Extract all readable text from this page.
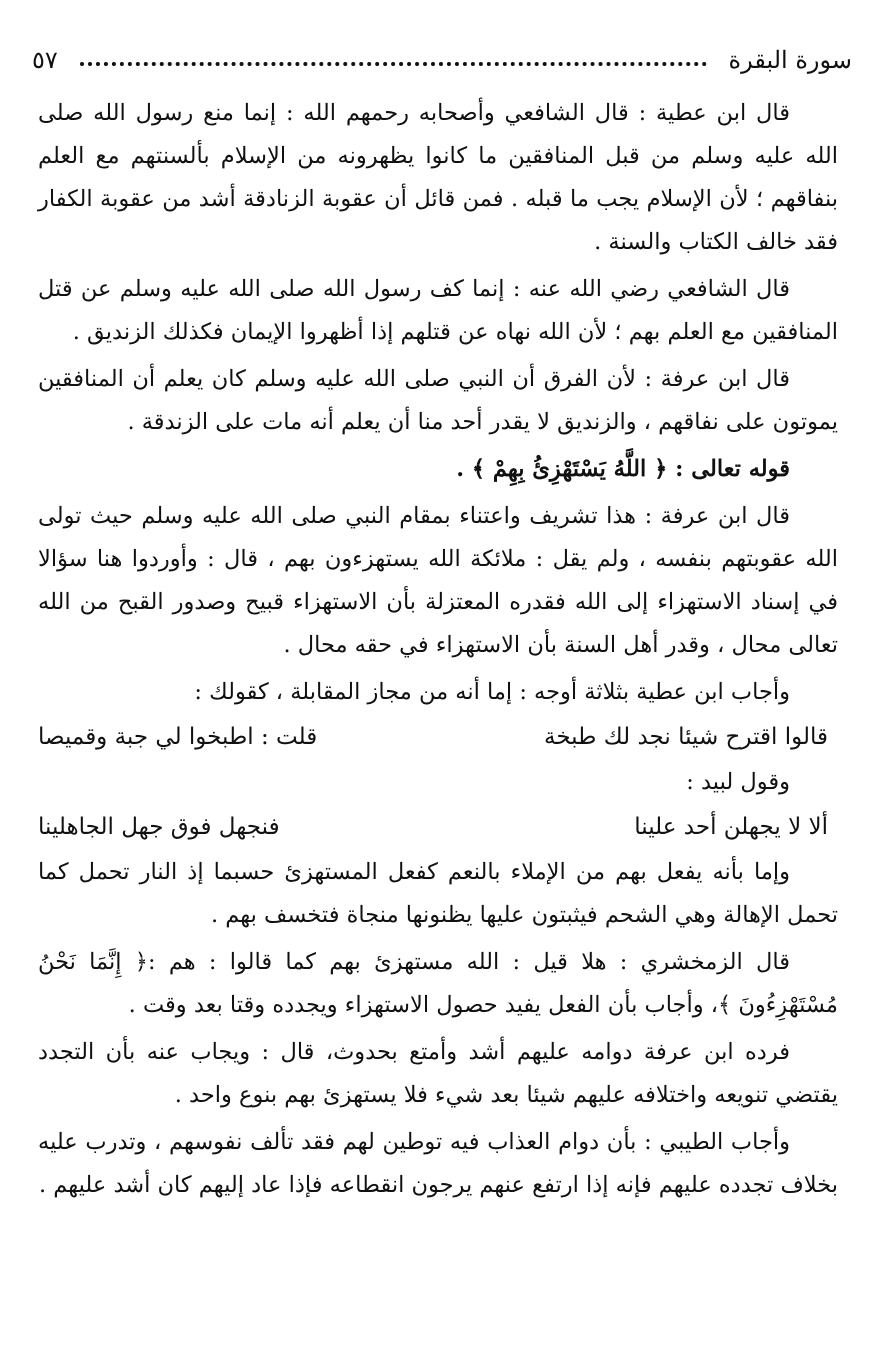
٥٧	سورة البقرة

قال ابن عطية : قال الشافعي وأصحابه رحمهم الله : إنما منع رسول الله صلى الله عليه وسلم من قبل المنافقين ما كانوا يظهرونه من الإسلام بألسنتهم مع العلم بنفاقهم ؛ لأن الإسلام يجب ما قبله . فمن قائل أن عقوبة الزنادقة أشد من عقوبة الكفار فقد خالف الكتاب والسنة .

قال الشافعي رضي الله عنه : إنما كف رسول الله صلى الله عليه وسلم عن قتل المنافقين مع العلم بهم ؛ لأن الله نهاه عن قتلهم إذا أظهروا الإيمان فكذلك الزنديق .

قال ابن عرفة : لأن الفرق أن النبي صلى الله عليه وسلم كان يعلم أن المنافقين يموتون على نفاقهم ، والزنديق لا يقدر أحد منا أن يعلم أنه مات على الزندقة .

قوله تعالى : ﴿ اللَّهُ يَسْتَهْزِئُ بِهِمْ ﴾ .

قال ابن عرفة : هذا تشريف واعتناء بمقام النبي صلى الله عليه وسلم حيث تولى الله عقوبتهم بنفسه ، ولم يقل : ملائكة الله يستهزءون بهم ، قال : وأوردوا هنا سؤالا في إسناد الاستهزاء إلى الله فقدره المعتزلة بأن الاستهزاء قبيح وصدور القبح من الله تعالى محال ، وقدر أهل السنة بأن الاستهزاء في حقه محال .

وأجاب ابن عطية بثلاثة أوجه : إما أنه من مجاز المقابلة ، كقولك :

قالوا اقترح شيئا نجد لك طبخة
قلت : اطبخوا لي جبة وقميصا

وقول لبيد :

ألا لا يجهلن أحد علينا
فنجهل فوق جهل الجاهلينا

وإما بأنه يفعل بهم من الإملاء بالنعم كفعل المستهزئ حسبما إذ النار تحمل كما تحمل الإهالة وهي الشحم فيثبتون عليها يظنونها منجاة فتخسف بهم .

قال الزمخشري : هلا قيل : الله مستهزئ بهم كما قالوا : هم :﴿ إِنَّمَا نَحْنُ مُسْتَهْزِءُونَ ﴾، وأجاب بأن الفعل يفيد حصول الاستهزاء ويجدده وقتا بعد وقت .

فرده ابن عرفة دوامه عليهم أشد وأمتع بحدوث، قال : ويجاب عنه بأن التجدد يقتضي تنويعه واختلافه عليهم شيئا بعد شيء فلا يستهزئ بهم بنوع واحد .

وأجاب الطيبي : بأن دوام العذاب فيه توطين لهم فقد تألف نفوسهم ، وتدرب عليه بخلاف تجدده عليهم فإنه إذا ارتفع عنهم يرجون انقطاعه فإذا عاد إليهم كان أشد عليهم .
